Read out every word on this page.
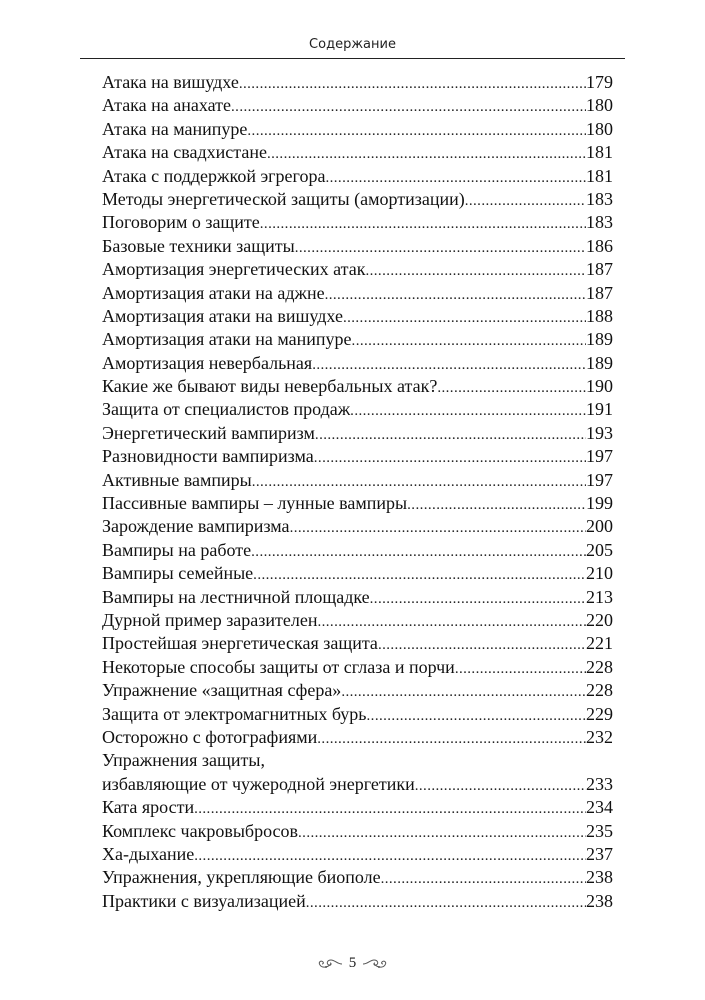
Содержание
Атака на вишудхе .....	179
Атака на анахате .....	180
Атака на манипуре .....	180
Атака на свадхистане .....	181
Атака с поддержкой эгрегора .....	181
Методы энергетической защиты (амортизации) .....	183
Поговорим о защите .....	183
Базовые техники защиты .....	186
Амортизация энергетических атак .....	187
Амортизация атаки на аджне .....	187
Амортизация атаки на вишудхе .....	188
Амортизация атаки на манипуре .....	189
Амортизация невербальная .....	189
Какие же бывают виды невербальных атак? .....	190
Защита от специалистов продаж .....	191
Энергетический вампиризм .....	193
Разновидности вампиризма .....	197
Активные вампиры .....	197
Пассивные вампиры – лунные вампиры .....	199
Зарождение вампиризма .....	200
Вампиры на работе .....	205
Вампиры семейные .....	210
Вампиры на лестничной площадке .....	213
Дурной пример заразителен .....	220
Простейшая энергетическая защита .....	221
Некоторые способы защиты от сглаза и порчи .....	228
Упражнение «защитная сфера» .....	228
Защита от электромагнитных бурь .....	229
Осторожно с фотографиями .....	232
Упражнения защиты,
избавляющие от чужеродной энергетики .....	233
Ката ярости .....	234
Комплекс чакровыбросов .....	235
Ха-дыхание .....	237
Упражнения, укрепляющие биополе .....	238
Практики с визуализацией .....	238
5
